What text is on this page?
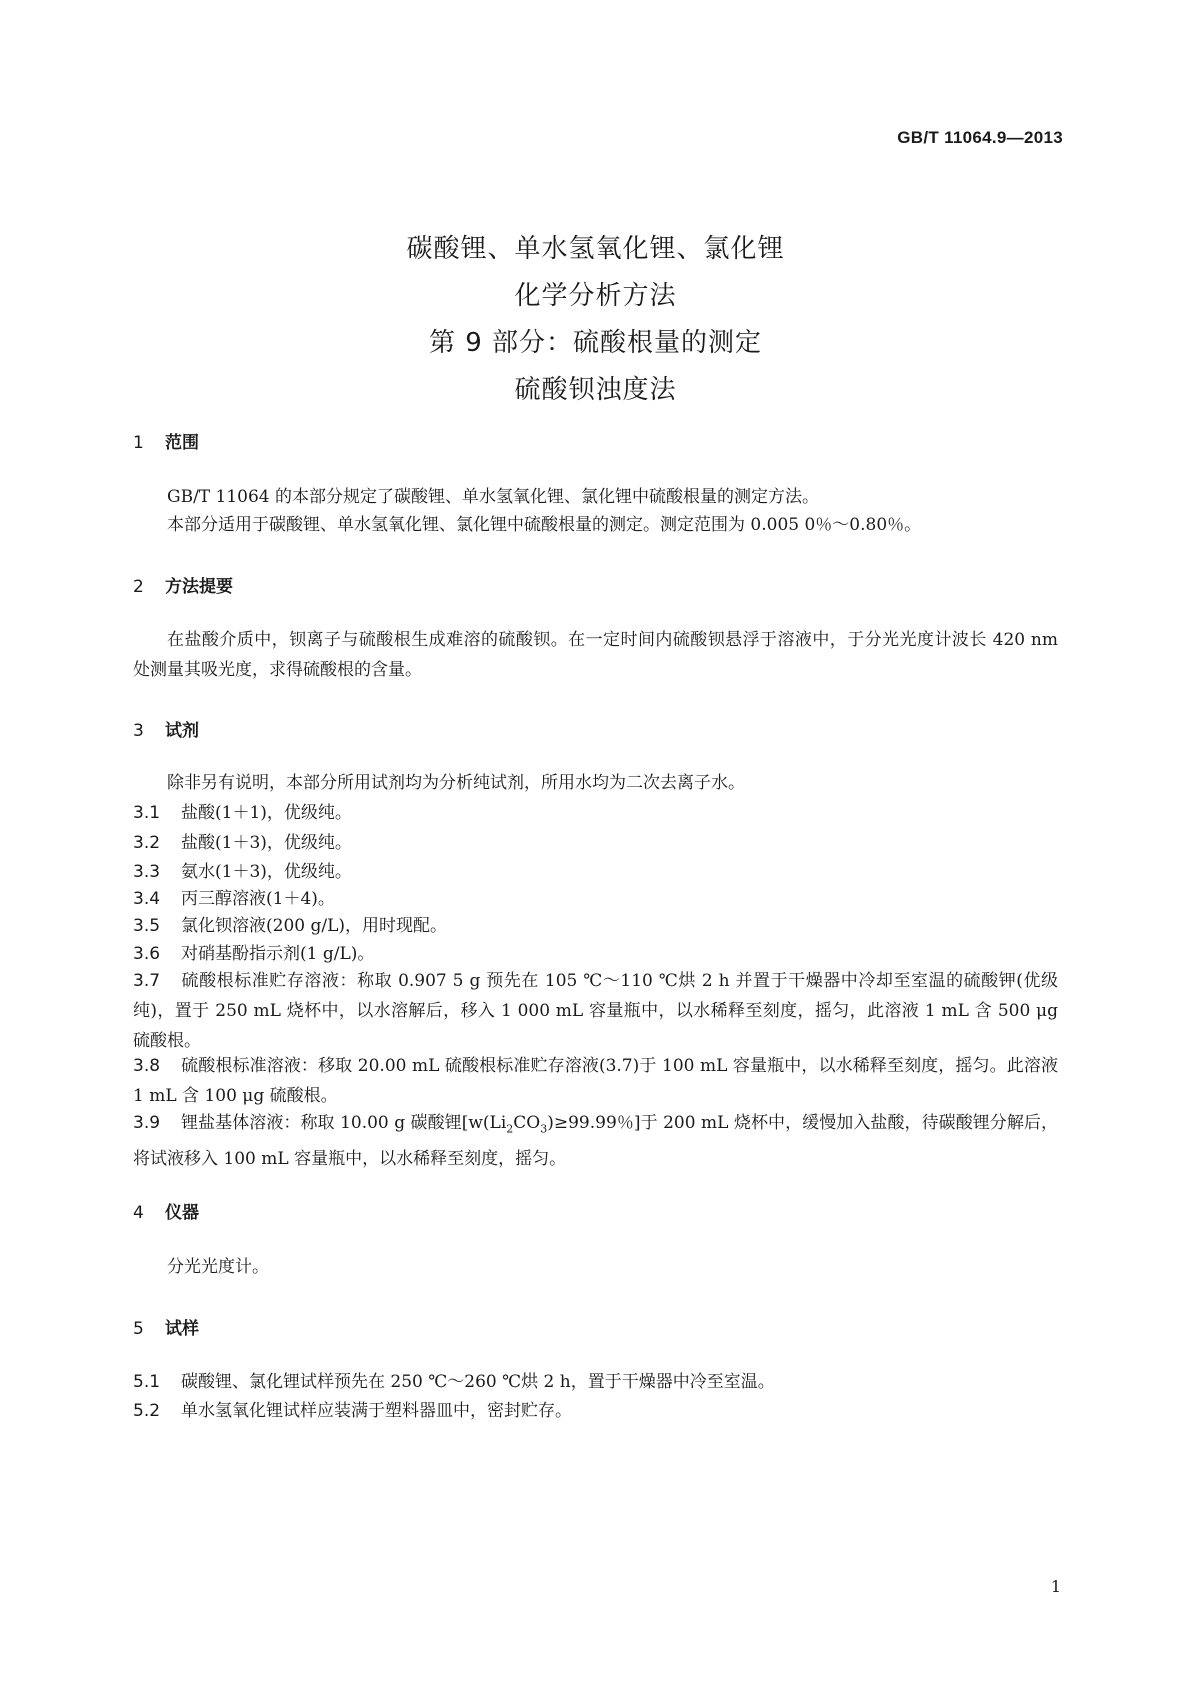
GB/T 11064.9—2013
碳酸锂、单水氢氧化锂、氯化锂
化学分析方法
第 9 部分：硫酸根量的测定
硫酸钡浊度法
1 范围
GB/T 11064 的本部分规定了碳酸锂、单水氢氧化锂、氯化锂中硫酸根量的测定方法。
本部分适用于碳酸锂、单水氢氧化锂、氯化锂中硫酸根量的测定。测定范围为 0.005 0％～0.80％。
2 方法提要
在盐酸介质中，钡离子与硫酸根生成难溶的硫酸钡。在一定时间内硫酸钡悬浮于溶液中，于分光光度计波长 420 nm 处测量其吸光度，求得硫酸根的含量。
3 试剂
除非另有说明，本部分所用试剂均为分析纯试剂，所用水均为二次去离子水。
3.1 盐酸(1＋1)，优级纯。
3.2 盐酸(1＋3)，优级纯。
3.3 氨水(1＋3)，优级纯。
3.4 丙三醇溶液(1＋4)。
3.5 氯化钡溶液(200 g/L)，用时现配。
3.6 对硝基酚指示剂(1 g/L)。
3.7 硫酸根标准贮存溶液：称取 0.907 5 g 预先在 105 ℃～110 ℃烘 2 h 并置于干燥器中冷却至室温的硫酸钾(优级纯)，置于 250 mL 烧杯中，以水溶解后，移入 1 000 mL 容量瓶中，以水稀释至刻度，摇匀，此溶液 1 mL 含 500 μg 硫酸根。
3.8 硫酸根标准溶液：移取 20.00 mL 硫酸根标准贮存溶液(3.7)于 100 mL 容量瓶中，以水稀释至刻度，摇匀。此溶液 1 mL 含 100 μg 硫酸根。
3.9 锂盐基体溶液：称取 10.00 g 碳酸锂[$w(Li_2CO_3)\ge 99.99$％]于 200 mL 烧杯中，缓慢加入盐酸，待碳酸锂分解后，将试液移入 100 mL 容量瓶中，以水稀释至刻度，摇匀。
4 仪器
分光光度计。
5 试样
5.1 碳酸锂、氯化锂试样预先在 250 ℃～260 ℃烘 2 h，置于干燥器中冷至室温。
5.2 单水氢氧化锂试样应装满于塑料器皿中，密封贮存。
1
